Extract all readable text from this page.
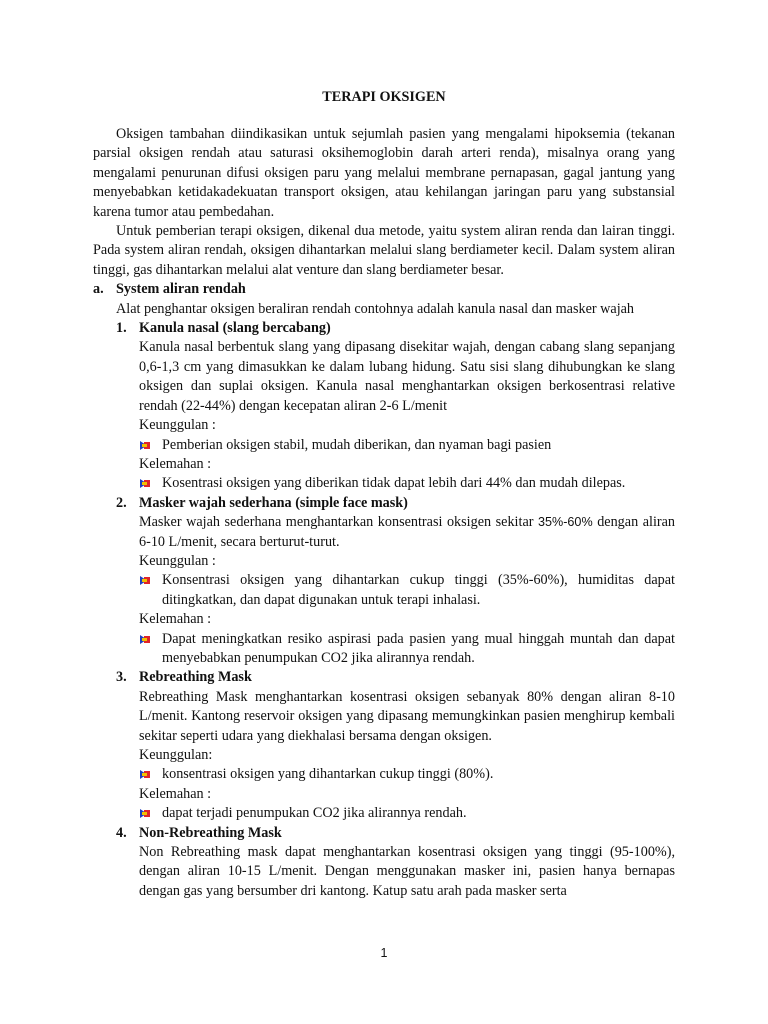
TERAPI OKSIGEN

Oksigen tambahan diindikasikan untuk sejumlah pasien yang mengalami hipoksemia (tekanan parsial oksigen rendah atau saturasi oksihemoglobin darah arteri renda), misalnya orang yang mengalami penurunan difusi oksigen paru yang melalui membrane pernapasan, gagal jantung yang menyebabkan ketidakadekuatan transport oksigen, atau kehilangan jaringan paru yang substansial karena tumor atau pembedahan.

Untuk pemberian terapi oksigen, dikenal dua metode, yaitu system aliran renda dan lairan tinggi. Pada system aliran rendah, oksigen dihantarkan melalui slang berdiameter kecil. Dalam system aliran tinggi, gas dihantarkan melalui alat venture dan slang berdiameter besar.

a. System aliran rendah
Alat penghantar oksigen beraliran rendah contohnya adalah kanula nasal dan masker wajah
1. Kanula nasal (slang bercabang)
Kanula nasal berbentuk slang yang dipasang disekitar wajah, dengan cabang slang sepanjang 0,6-1,3 cm yang dimasukkan ke dalam lubang hidung. Satu sisi slang dihubungkan ke slang oksigen dan suplai oksigen. Kanula nasal menghantarkan oksigen berkosentrasi relative rendah (22-44%) dengan kecepatan aliran 2-6 L/menit
Keunggulan :
Pemberian oksigen stabil, mudah diberikan, dan nyaman bagi pasien
Kelemahan :
Kosentrasi oksigen yang diberikan tidak dapat lebih dari 44% dan mudah dilepas.
2. Masker wajah sederhana (simple face mask)
Masker wajah sederhana menghantarkan konsentrasi oksigen sekitar 35%-60% dengan aliran 6-10 L/menit, secara berturut-turut.
Keunggulan :
Konsentrasi oksigen yang dihantarkan cukup tinggi (35%-60%), humiditas dapat ditingkatkan, dan dapat digunakan untuk terapi inhalasi.
Kelemahan :
Dapat meningkatkan resiko aspirasi pada pasien yang mual hinggah muntah dan dapat menyebabkan penumpukan CO2 jika alirannya rendah.
3. Rebreathing Mask
Rebreathing Mask menghantarkan kosentrasi oksigen sebanyak 80% dengan aliran 8-10 L/menit. Kantong reservoir oksigen yang dipasang memungkinkan pasien menghirup kembali sekitar seperti udara yang diekhalasi bersama dengan oksigen.
Keunggulan:
konsentrasi oksigen yang dihantarkan cukup tinggi (80%).
Kelemahan :
dapat terjadi penumpukan CO2 jika alirannya rendah.
4. Non-Rebreathing Mask
Non Rebreathing mask dapat menghantarkan kosentrasi oksigen yang tinggi (95-100%), dengan aliran 10-15 L/menit. Dengan menggunakan masker ini, pasien hanya bernapas dengan gas yang bersumber dri kantong. Katup satu arah pada masker serta
1
